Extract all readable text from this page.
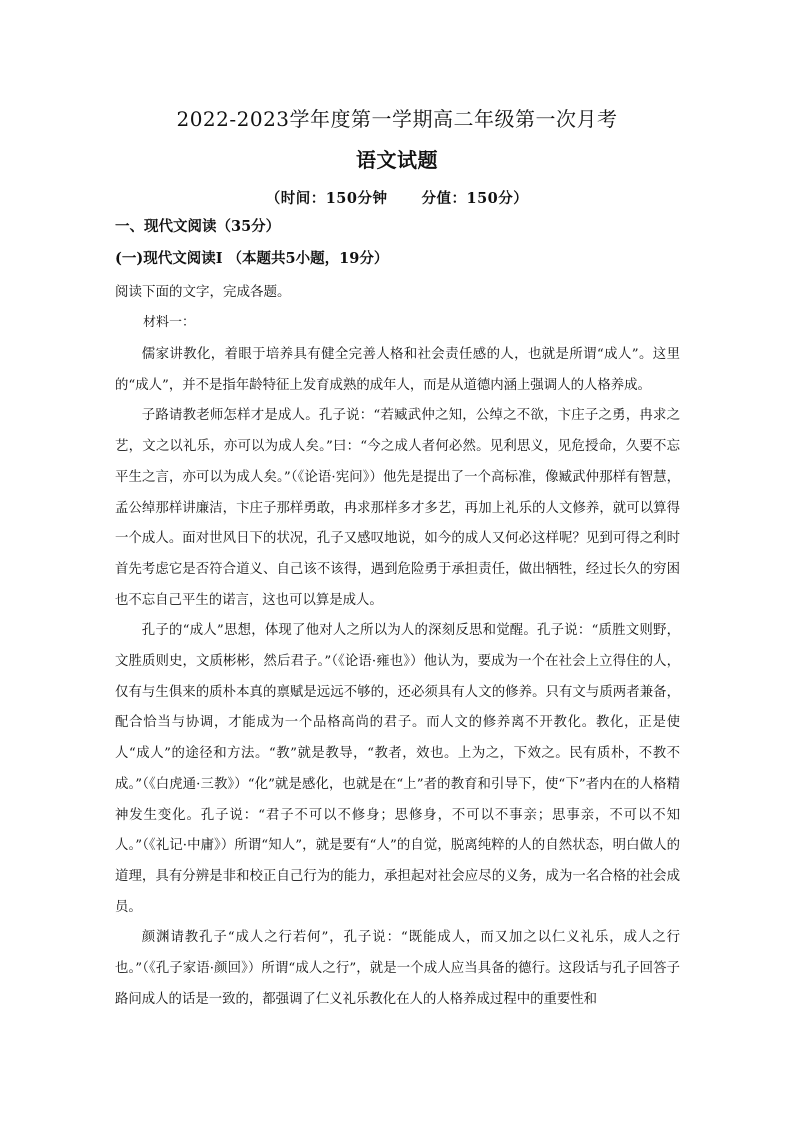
2022-2023学年度第一学期高二年级第一次月考
语文试题
（时间：150分钟 分值：150分）
一、现代文阅读（35分）
(一)现代文阅读Ⅰ （本题共5小题，19分）
阅读下面的文字，完成各题。
材料一：

儒家讲教化，着眼于培养具有健全完善人格和社会责任感的人，也就是所谓“成人”。这里的“成人”，并不是指年龄特征上发育成熟的成年人，而是从道德内涵上强调人的人格养成。

子路请教老师怎样才是成人。孔子说：“若臧武仲之知，公绰之不欲，卞庄子之勇，冉求之艺，文之以礼乐，亦可以为成人矣。”曰：“今之成人者何必然。见利思义，见危授命，久要不忘平生之言，亦可以为成人矣。”（《论语·宪问》）他先是提出了一个高标准，像臧武仲那样有智慧，孟公绰那样讲廉洁，卞庄子那样勇敢，冉求那样多才多艺，再加上礼乐的人文修养，就可以算得一个成人。面对世风日下的状况，孔子又感叹地说，如今的成人又何必这样呢？见到可得之利时首先考虑它是否符合道义、自己该不该得，遇到危险勇于承担责任，做出牺牲，经过长久的穷困也不忘自己平生的诺言，这也可以算是成人。

孔子的“成人”思想，体现了他对人之所以为人的深刻反思和觉醒。孔子说：“质胜文则野，文胜质则史，文质彬彬，然后君子。”（《论语·雍也》）他认为，要成为一个在社会上立得住的人，仅有与生俱来的质朴本真的禀赋是远远不够的，还必须具有人文的修养。只有文与质两者兼备，配合恰当与协调，才能成为一个品格高尚的君子。而人文的修养离不开教化。教化，正是使人“成人”的途径和方法。“教”就是教导，“教者，效也。上为之，下效之。民有质朴，不教不成。”（《白虎通·三教》）“化”就是感化，也就是在“上”者的教育和引导下，使“下”者内在的人格精神发生变化。孔子说：“君子不可以不修身；思修身，不可以不事亲；思事亲，不可以不知人。”（《礼记·中庸》）所谓“知人”，就是要有“人”的自觉，脱离纯粹的人的自然状态，明白做人的道理，具有分辨是非和校正自己行为的能力，承担起对社会应尽的义务，成为一名合格的社会成员。

颜渊请教孔子“成人之行若何”，孔子说：“既能成人，而又加之以仁义礼乐，成人之行也。”（《孔子家语·颜回》）所谓“成人之行”，就是一个成人应当具备的德行。这段话与孔子回答子路问成人的话是一致的，都强调了仁义礼乐教化在人的人格养成过程中的重要性和
